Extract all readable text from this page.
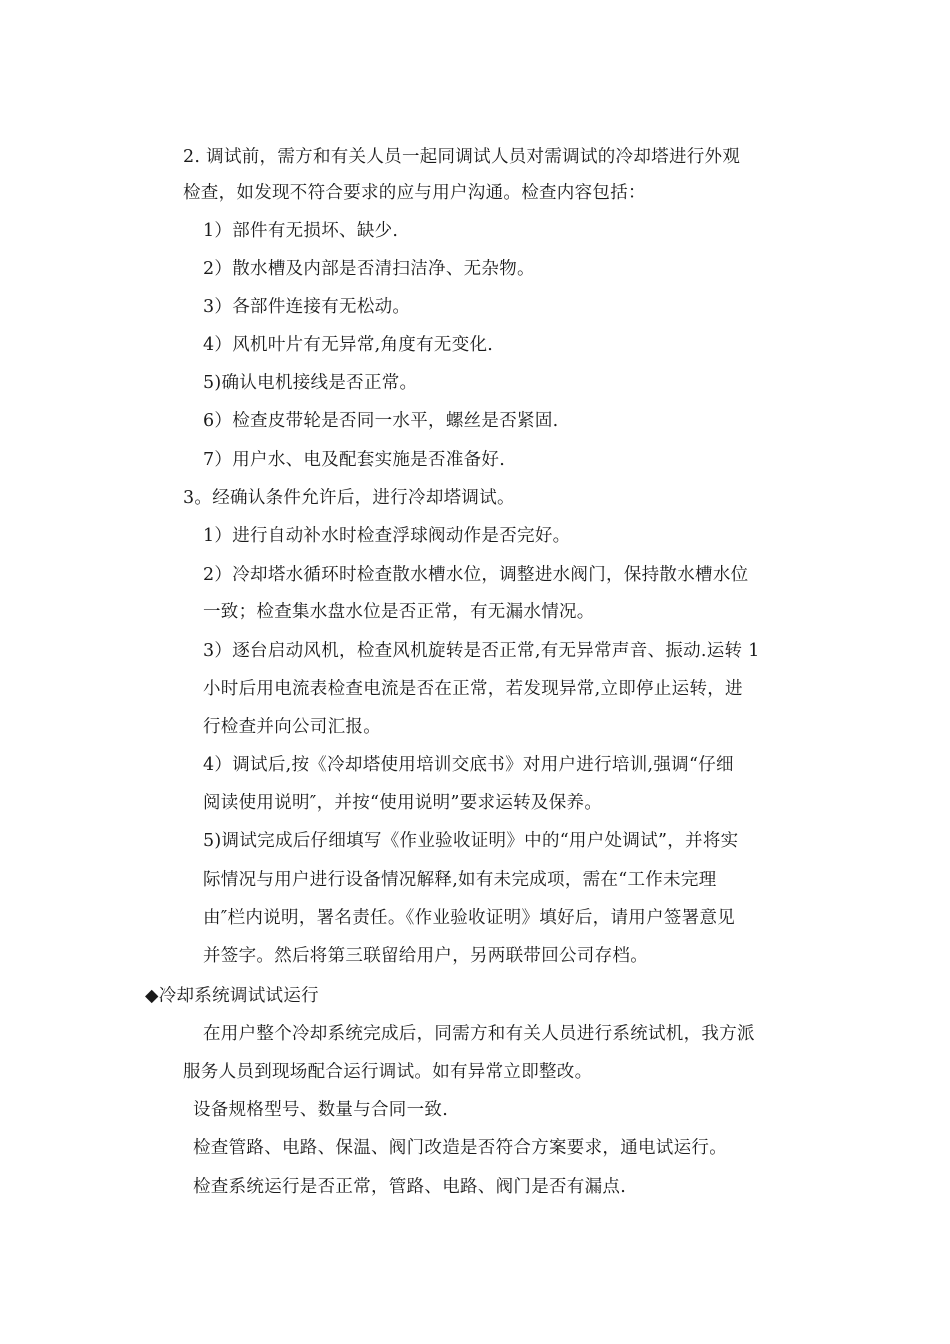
2. 调试前，需方和有关人员一起同调试人员对需调试的冷却塔进行外观
检查，如发现不符合要求的应与用户沟通。检查内容包括：
1）部件有无损坏、缺少.
2）散水槽及内部是否清扫洁净、无杂物。
3）各部件连接有无松动。
4）风机叶片有无异常,角度有无变化.
5)确认电机接线是否正常。
6）检查皮带轮是否同一水平，螺丝是否紧固.
7）用户水、电及配套实施是否准备好.
3。经确认条件允许后，进行冷却塔调试。
1）进行自动补水时检查浮球阀动作是否完好。
2）冷却塔水循环时检查散水槽水位，调整进水阀门，保持散水槽水位
一致；检查集水盘水位是否正常，有无漏水情况。
3）逐台启动风机，检查风机旋转是否正常,有无异常声音、振动.运转 1
小时后用电流表检查电流是否在正常，若发现异常,立即停止运转，进
行检查并向公司汇报。
4）调试后,按《冷却塔使用培训交底书》对用户进行培训,强调“仔细
阅读使用说明″，并按“使用说明”要求运转及保养。
5)调试完成后仔细填写《作业验收证明》中的“用户处调试”，并将实
际情况与用户进行设备情况解释,如有未完成项，需在“工作未完理
由″栏内说明，署名责任。《作业验收证明》填好后，请用户签署意见
并签字。然后将第三联留给用户，另两联带回公司存档。
◆冷却系统调试试运行
在用户整个冷却系统完成后，同需方和有关人员进行系统试机，我方派
服务人员到现场配合运行调试。如有异常立即整改。
设备规格型号、数量与合同一致.
检查管路、电路、保温、阀门改造是否符合方案要求，通电试运行。
检查系统运行是否正常，管路、电路、阀门是否有漏点.
